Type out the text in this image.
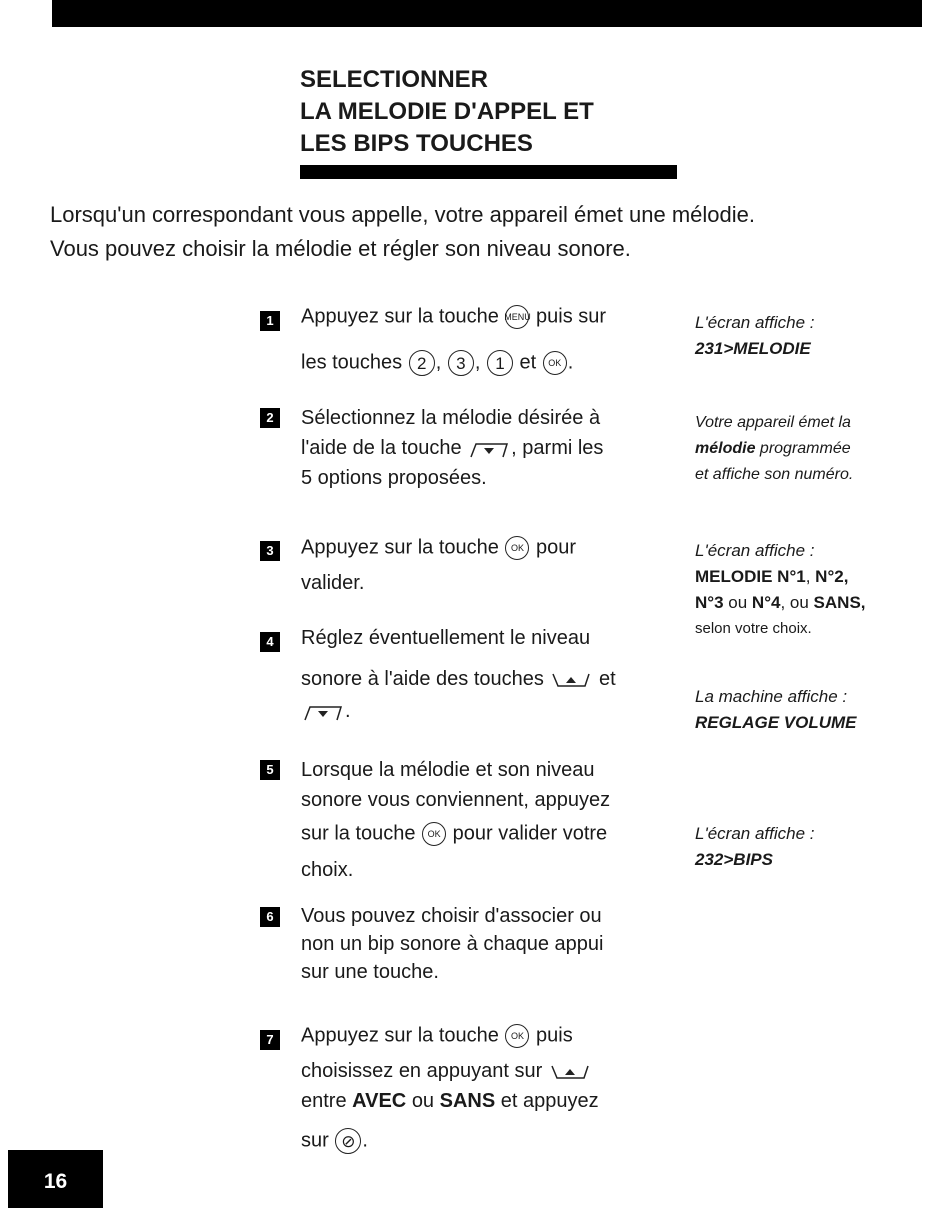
SELECTIONNER
LA MELODIE D'APPEL ET
LES BIPS TOUCHES
Lorsqu'un correspondant vous appelle, votre appareil émet une mélodie.
Vous pouvez choisir la mélodie et régler son niveau sonore.
1	Appuyez sur la touche MENU puis sur
les touches 2 , 3 , 1 et OK .
2	Sélectionnez la mélodie désirée à
l'aide de la touche , parmi les
5 options proposées.
3	Appuyez sur la touche OK pour
valider.
4	Réglez éventuellement le niveau
sonore à l'aide des touches	et
.
5	Lorsque la mélodie et son niveau
sonore vous conviennent, appuyez
sur la touche OK pour valider votre
choix.
6	Vous pouvez choisir d'associer ou
non un bip sonore à chaque appui
sur une touche.
7	Appuyez sur la touche OK puis
choisissez en appuyant sur
entre AVEC ou SANS et appuyez
sur ⊘ .
L'écran affiche :
231>MELODIE
Votre appareil émet la
mélodie programmée
et affiche son numéro.
L'écran affiche :
MELODIE N°1, N°2,
N°3 ou N°4, ou SANS,
selon votre choix.
La machine affiche :
REGLAGE VOLUME
L'écran affiche :
232>BIPS
16
